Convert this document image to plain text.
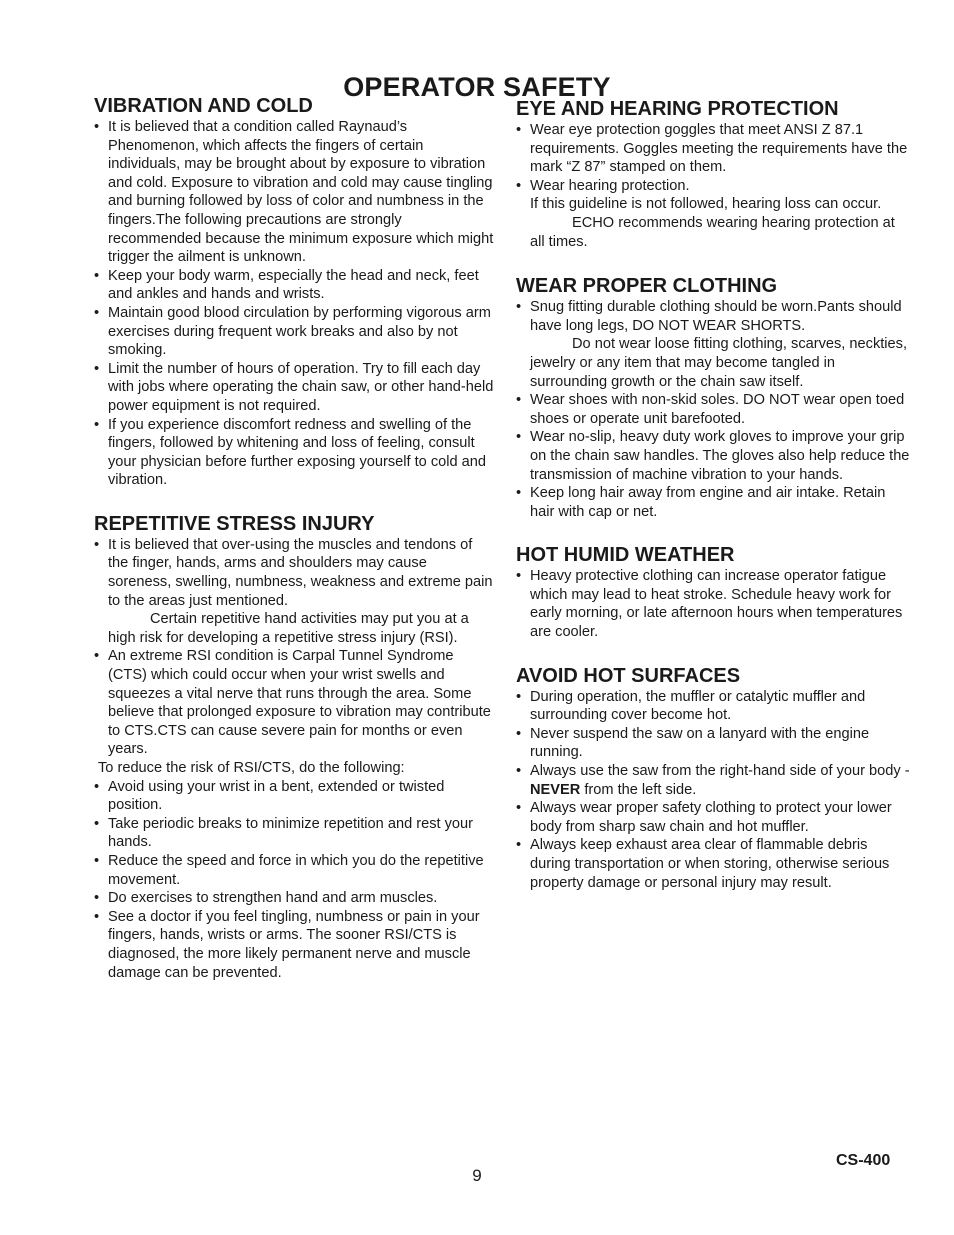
OPERATOR SAFETY
VIBRATION AND COLD
• It is believed that a condition called Raynaud’s Phenomenon, which affects the fingers of certain individuals, may be brought about by exposure to vibration and cold. Exposure to vibration and cold may cause tingling and burning followed by loss of color and numbness in the fingers.The following precautions are strongly recommended because the minimum exposure which might trigger the ailment is unknown.
• Keep your body warm, especially the head and neck, feet and ankles and hands and wrists.
• Maintain good blood circulation by performing vigorous arm exercises during frequent work breaks and also by not smoking.
• Limit the number of hours of operation. Try to fill each day with jobs where operating the chain saw, or other hand-held power equipment is not required.
• If you experience discomfort redness and swelling of the fingers, followed by whitening and loss of feeling, consult your physician before further exposing yourself to cold and vibration.
REPETITIVE STRESS INJURY
• It is believed that over-using the muscles and tendons of the finger, hands, arms and shoulders may cause soreness, swelling, numbness, weakness and extreme pain to the areas just mentioned.
Certain repetitive hand activities may put you at a high risk for developing a repetitive stress injury (RSI).
• An extreme RSI condition is Carpal Tunnel Syndrome (CTS) which could occur when your wrist swells and squeezes a vital nerve that runs through the area. Some believe that prolonged exposure to vibration may contribute to CTS.CTS can cause severe pain for months or even years.
To reduce the risk of RSI/CTS, do the following:
• Avoid using your wrist in a bent, extended or twisted position.
• Take periodic breaks to minimize repetition and rest your hands.
• Reduce the speed and force in which you do the repetitive movement.
• Do exercises to strengthen hand and arm muscles.
• See a doctor if you feel tingling, numbness or pain in your fingers, hands, wrists or arms. The sooner RSI/CTS is diagnosed, the more likely permanent nerve and muscle damage can be prevented.
EYE AND HEARING PROTECTION
• Wear eye protection goggles that meet ANSI Z 87.1 requirements. Goggles meeting the requirements have the mark “Z 87” stamped on them.
• Wear hearing protection.
If this guideline is not followed, hearing loss can occur.
ECHO recommends wearing hearing protection at all times.
WEAR PROPER CLOTHING
• Snug fitting durable clothing should be worn.Pants should have long legs, DO NOT WEAR SHORTS.
Do not wear loose fitting clothing, scarves, neckties, jewelry or any item that may become tangled in surrounding growth or the chain saw itself.
• Wear shoes with non-skid soles. DO NOT wear open toed shoes or operate unit barefooted.
• Wear no-slip, heavy duty work gloves to improve your grip on the chain saw handles. The gloves also help reduce the transmission of machine vibration to your hands.
• Keep long hair away from engine and air intake. Retain hair with cap or net.
HOT HUMID WEATHER
• Heavy protective clothing can increase operator fatigue which may lead to heat stroke. Schedule heavy work for early morning, or late afternoon hours when temperatures are cooler.
AVOID HOT SURFACES
• During operation, the muffler or catalytic muffler and surrounding cover become hot.
• Never suspend the saw on a lanyard with the engine running.
• Always use the saw from the right-hand side of your body - NEVER from the left side.
• Always wear proper safety clothing to protect your lower body from sharp saw chain and hot muffler.
• Always keep exhaust area clear of flammable debris during transportation or when storing, otherwise serious property damage or personal injury may result.
CS-400
9
